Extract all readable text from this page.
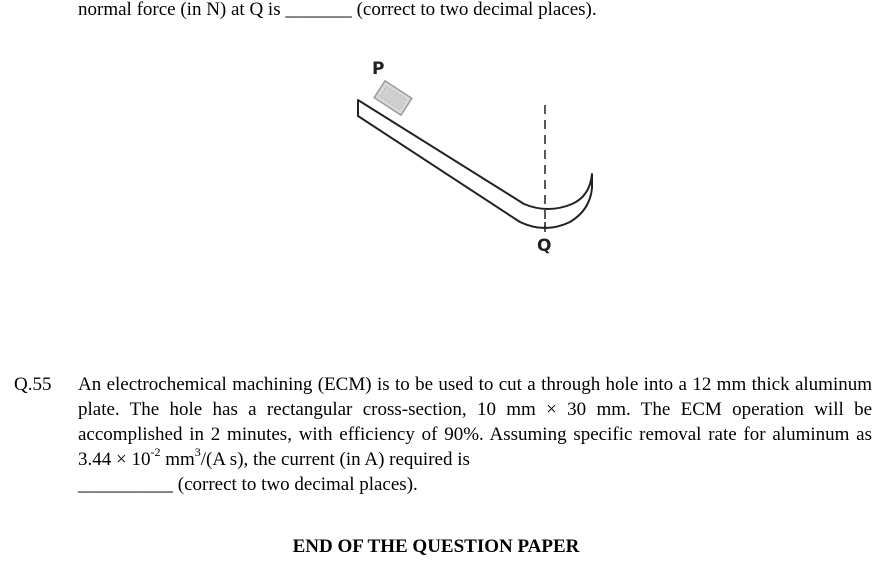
normal force (in N) at Q is _______ (correct to two decimal places).
P
Q
Q.55 An electrochemical machining (ECM) is to be used to cut a through hole into a 12 mm thick aluminum plate. The hole has a rectangular cross-section, 10 mm × 30 mm. The ECM operation will be accomplished in 2 minutes, with efficiency of 90%. Assuming specific removal rate for aluminum as $3.44 \times 10^{-2}$ $mm^3/(A$ s), the current (in A) required is

__________ (correct to two decimal places).

END OF THE QUESTION PAPER
